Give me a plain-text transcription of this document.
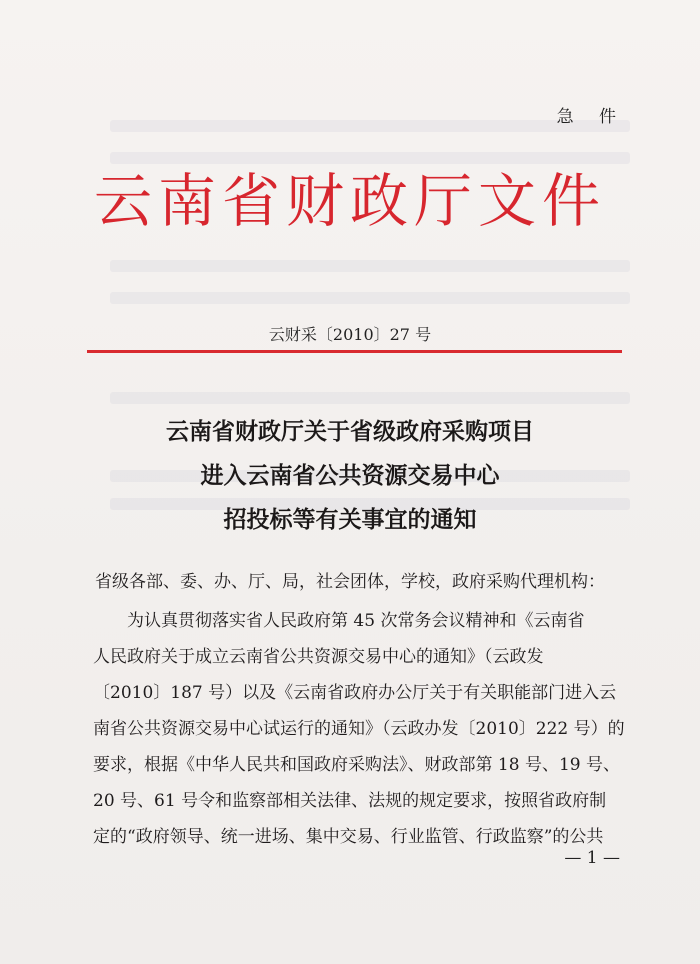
急 件
云南省财政厅文件
云财采〔2010〕27 号
云南省财政厅关于省级政府采购项目
进入云南省公共资源交易中心
招投标等有关事宜的通知
省级各部、委、办、厅、局，社会团体，学校，政府采购代理机构：
为认真贯彻落实省人民政府第 45 次常务会议精神和《云南省
人民政府关于成立云南省公共资源交易中心的通知》（云政发
〔2010〕187 号）以及《云南省政府办公厅关于有关职能部门进入云
南省公共资源交易中心试运行的通知》（云政办发〔2010〕222 号）的
要求，根据《中华人民共和国政府采购法》、财政部第 18 号、19 号、
20 号、61 号令和监察部相关法律、法规的规定要求，按照省政府制
定的“政府领导、统一进场、集中交易、行业监管、行政监察”的公共
— 1 —
